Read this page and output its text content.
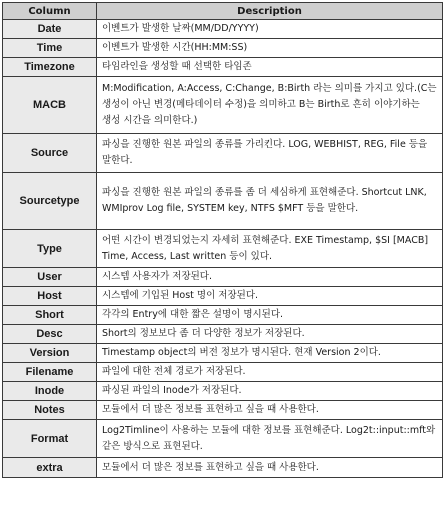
Column	Description
Date	이벤트가 발생한 날짜(MM/DD/YYYY)
Time	이벤트가 발생한 시간(HH:MM:SS)
Timezone	타임라인을 생성할 때 선택한 타임존
MACB	M:Modification, A:Access, C:Change, B:Birth 라는 의미를 가지고 있다.(C는 생성이 아닌 변경(메타데이터 수정)을 의미하고 B는 Birth로 흔히 이야기하는 생성 시간을 의미한다.)
Source	파싱을 진행한 원본 파일의 종류를 가리킨다. LOG, WEBHIST, REG, File 등을 말한다.
Sourcetype	파싱을 진행한 원본 파일의 종류를 좀 더 세심하게 표현해준다. Shortcut LNK, WMIprov Log file, SYSTEM key, NTFS $MFT 등을 말한다.
Type	어떤 시간이 변경되었는지 자세히 표현해준다. EXE Timestamp, $SI [MACB] Time, Access, Last written 등이 있다.
User	시스템 사용자가 저장된다.
Host	시스템에 기입된 Host 명이 저장된다.
Short	각각의 Entry에 대한 짧은 설명이 명시된다.
Desc	Short의 정보보다 좀 더 다양한 정보가 저장된다.
Version	Timestamp object의 버전 정보가 명시된다. 현재 Version 2이다.
Filename	파일에 대한 전체 경로가 저장된다.
Inode	파싱된 파일의 Inode가 저장된다.
Notes	모듈에서 더 많은 정보를 표현하고 싶을 때 사용한다.
Format	Log2Timline이 사용하는 모듈에 대한 정보를 표현해준다. Log2t::input::mft와 같은 방식으로 표현된다.
extra	모듈에서 더 많은 정보를 표현하고 싶을 때 사용한다.
